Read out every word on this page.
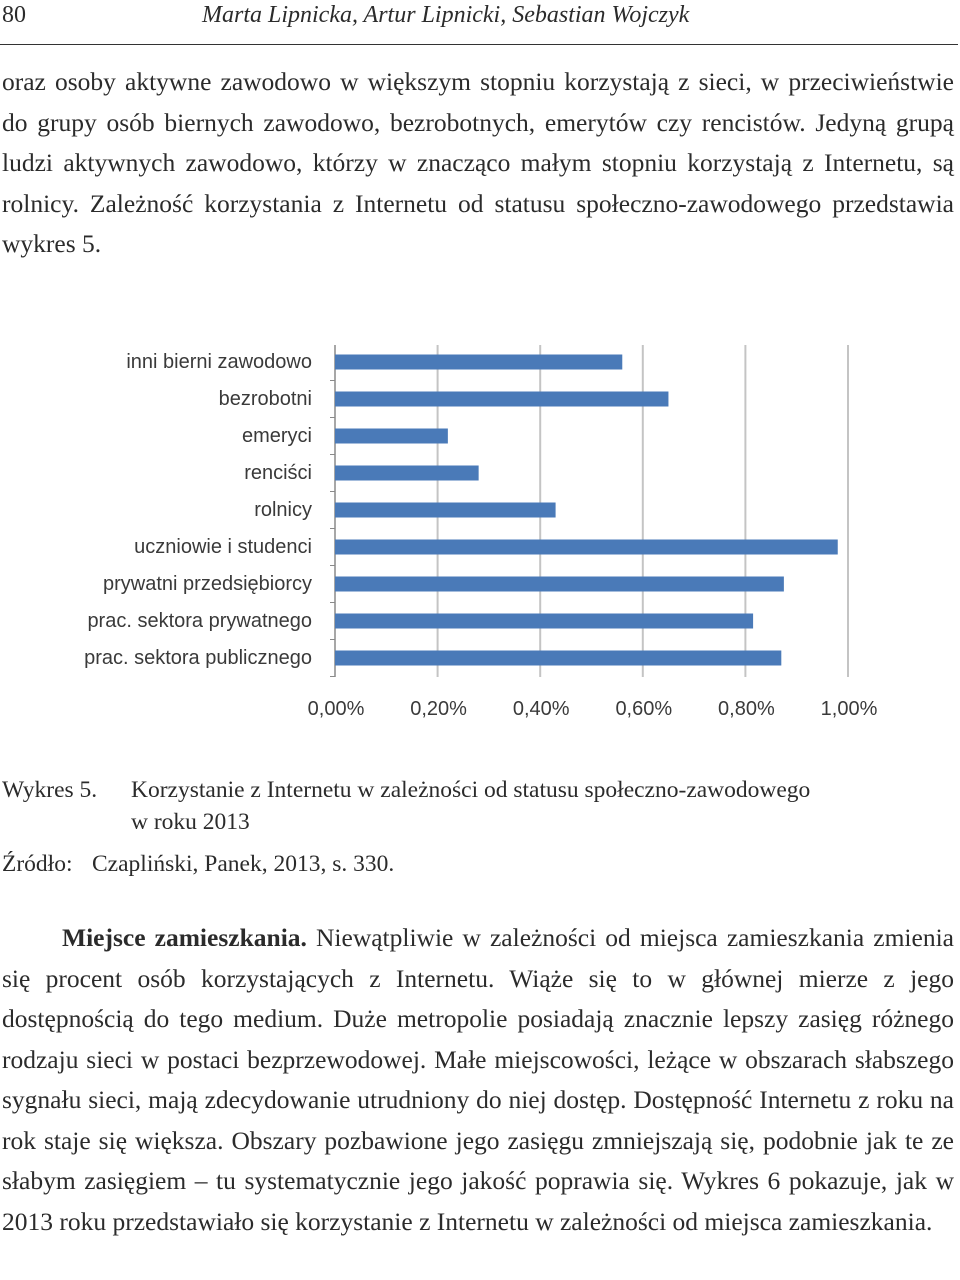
80	Marta Lipnicka, Artur Lipnicki, Sebastian Wojczyk

oraz osoby aktywne zawodowo w większym stopniu korzystają z sieci, w przeciwieństwie do grupy osób biernych zawodowo, bezrobotnych, emerytów czy rencistów. Jedyną grupą ludzi aktywnych zawodowo, którzy w znacząco małym stopniu korzystają z Internetu, są rolnicy. Zależność korzystania z Internetu od statusu społeczno-zawodowego przedstawia wykres 5.

inni bierni zawodowo
bezrobotni
emeryci
renciści
rolnicy
uczniowie i studenci
prywatni przedsiębiorcy
prac. sektora prywatnego
prac. sektora publicznego
0,00% 0,20% 0,40% 0,60% 0,80% 1,00%
Wykres 5. Korzystanie z Internetu w zależności od statusu społeczno-zawodowego
w roku 2013
Źródło: Czapliński, Panek, 2013, s. 330.

Miejsce zamieszkania. Niewątpliwie w zależności od miejsca zamieszkania zmienia się procent osób korzystających z Internetu. Wiąże się to w głównej mierze z jego dostępnością do tego medium. Duże metropolie posiadają znacznie lepszy zasięg różnego rodzaju sieci w postaci bezprzewodowej. Małe miejscowości, leżące w obszarach słabszego sygnału sieci, mają zdecydowanie utrudniony do niej dostęp. Dostępność Internetu z roku na rok staje się większa. Obszary pozbawione jego zasięgu zmniejszają się, podobnie jak te ze słabym zasięgiem – tu systematycznie jego jakość poprawia się. Wykres 6 pokazuje, jak w 2013 roku przedstawiało się korzystanie z Internetu w zależności od miejsca zamieszkania.
